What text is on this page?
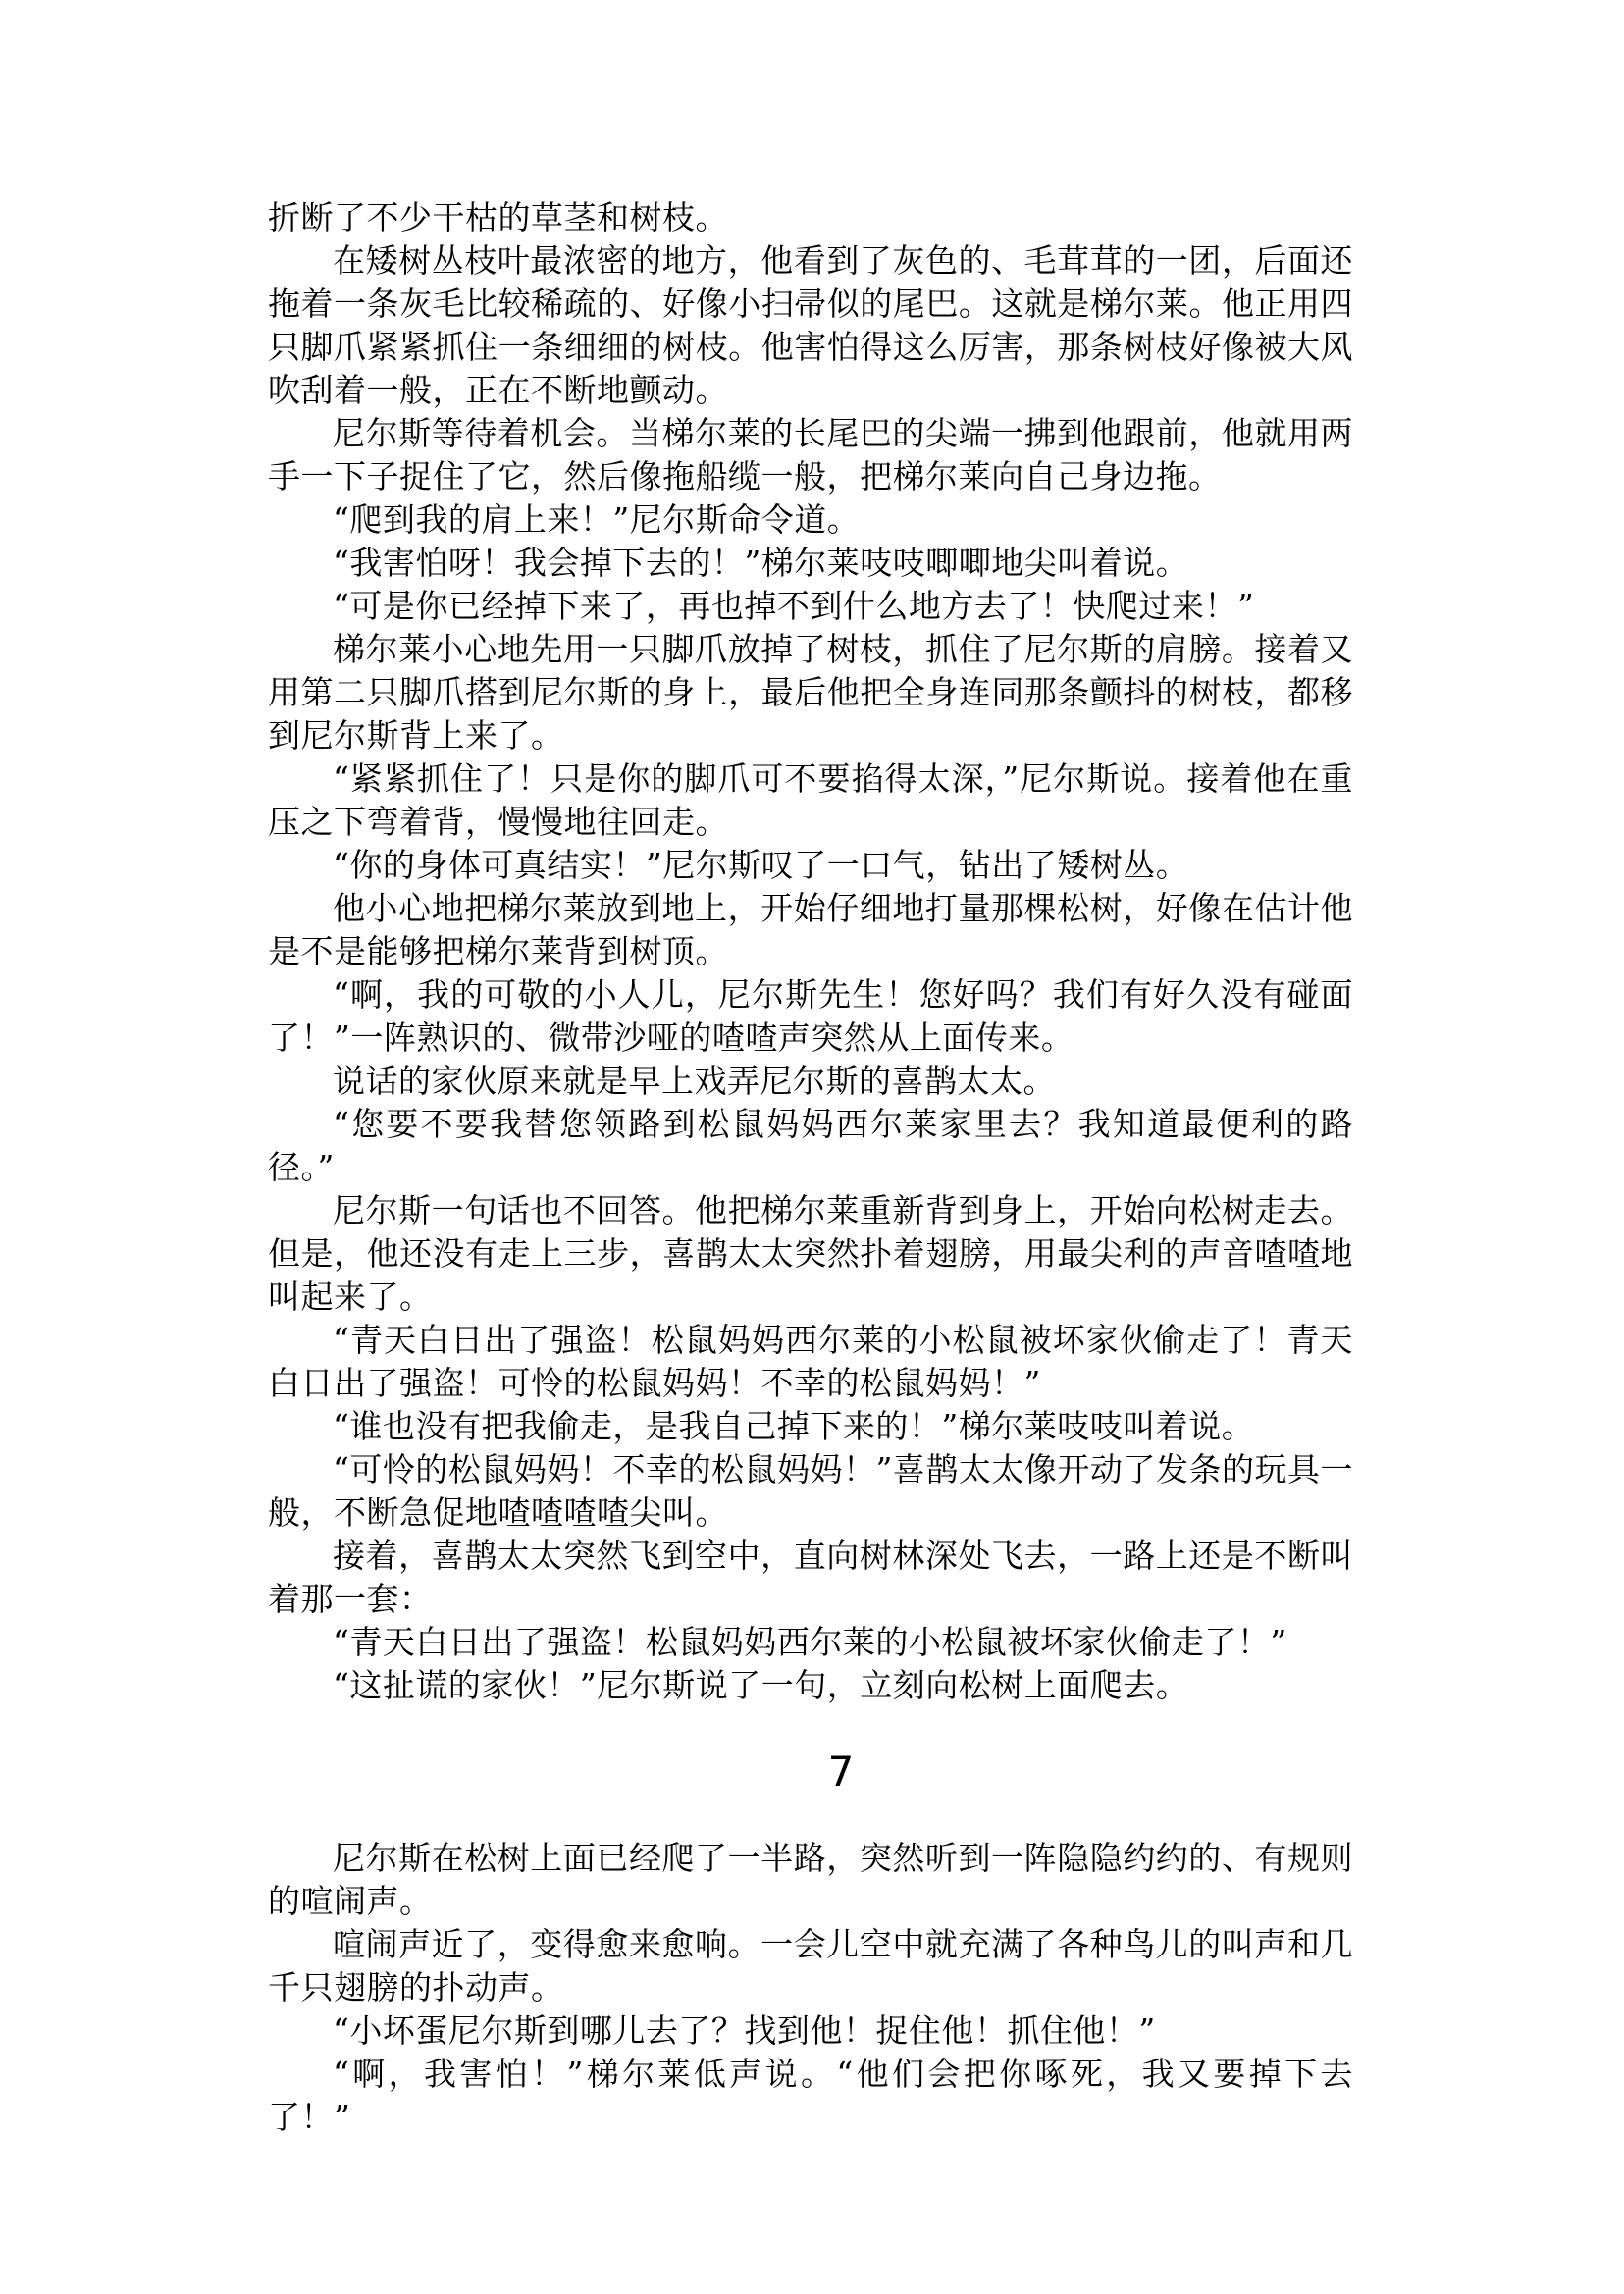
折断了不少干枯的草茎和树枝。

在矮树丛枝叶最浓密的地方，他看到了灰色的、毛茸茸的一团，后面还拖着一条灰毛比较稀疏的、好像小扫帚似的尾巴。这就是梯尔莱。他正用四只脚爪紧紧抓住一条细细的树枝。他害怕得这么厉害，那条树枝好像被大风吹刮着一般，正在不断地颤动。

尼尔斯等待着机会。当梯尔莱的长尾巴的尖端一拂到他跟前，他就用两手一下子捉住了它，然后像拖船缆一般，把梯尔莱向自己身边拖。

“爬到我的肩上来！”尼尔斯命令道。

“我害怕呀！我会掉下去的！”梯尔莱吱吱唧唧地尖叫着说。

“可是你已经掉下来了，再也掉不到什么地方去了！快爬过来！”

梯尔莱小心地先用一只脚爪放掉了树枝，抓住了尼尔斯的肩膀。接着又用第二只脚爪搭到尼尔斯的身上，最后他把全身连同那条颤抖的树枝，都移到尼尔斯背上来了。

“紧紧抓住了！只是你的脚爪可不要掐得太深，”尼尔斯说。接着他在重压之下弯着背，慢慢地往回走。

“你的身体可真结实！”尼尔斯叹了一口气，钻出了矮树丛。

他小心地把梯尔莱放到地上，开始仔细地打量那棵松树，好像在估计他是不是能够把梯尔莱背到树顶。

“啊，我的可敬的小人儿，尼尔斯先生！您好吗？我们有好久没有碰面了！”一阵熟识的、微带沙哑的喳喳声突然从上面传来。

说话的家伙原来就是早上戏弄尼尔斯的喜鹊太太。

“您要不要我替您领路到松鼠妈妈西尔莱家里去？我知道最便利的路径。”

尼尔斯一句话也不回答。他把梯尔莱重新背到身上，开始向松树走去。但是，他还没有走上三步，喜鹊太太突然扑着翅膀，用最尖利的声音喳喳地叫起来了。

“青天白日出了强盗！松鼠妈妈西尔莱的小松鼠被坏家伙偷走了！青天白日出了强盗！可怜的松鼠妈妈！不幸的松鼠妈妈！”

“谁也没有把我偷走，是我自己掉下来的！”梯尔莱吱吱叫着说。

“可怜的松鼠妈妈！不幸的松鼠妈妈！”喜鹊太太像开动了发条的玩具一般，不断急促地喳喳喳喳尖叫。

接着，喜鹊太太突然飞到空中，直向树林深处飞去，一路上还是不断叫着那一套：

“青天白日出了强盗！松鼠妈妈西尔莱的小松鼠被坏家伙偷走了！”

“这扯谎的家伙！”尼尔斯说了一句，立刻向松树上面爬去。

7

尼尔斯在松树上面已经爬了一半路，突然听到一阵隐隐约约的、有规则的喧闹声。

喧闹声近了，变得愈来愈响。一会儿空中就充满了各种鸟儿的叫声和几千只翅膀的扑动声。

“小坏蛋尼尔斯到哪儿去了？找到他！捉住他！抓住他！”

“啊，我害怕！”梯尔莱低声说。“他们会把你啄死，我又要掉下去了！”
